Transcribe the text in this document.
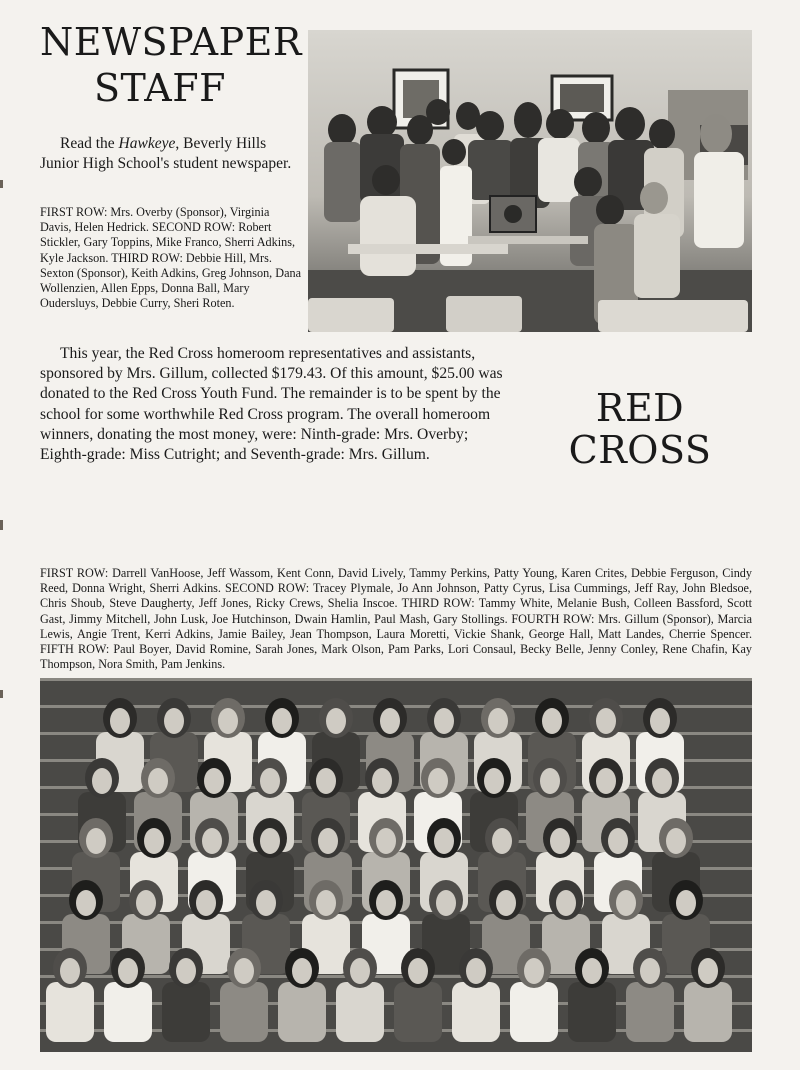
NEWSPAPER
STAFF
Read the Hawkeye, Beverly Hills Junior High School's student newspaper.
FIRST ROW: Mrs. Overby (Sponsor), Virginia Davis, Helen Hedrick. SECOND ROW: Robert Stickler, Gary Toppins, Mike Franco, Sherri Adkins, Kyle Jackson. THIRD ROW: Debbie Hill, Mrs. Sexton (Sponsor), Keith Adkins, Greg Johnson, Dana Wollenzien, Allen Epps, Donna Ball, Mary Oudersluys, Debbie Curry, Sheri Roten.
This year, the Red Cross homeroom representatives and assistants, sponsored by Mrs. Gillum, collected $179.43. Of this amount, $25.00 was donated to the Red Cross Youth Fund. The remainder is to be spent by the school for some worthwhile Red Cross program. The overall homeroom winners, donating the most money, were: Ninth-grade: Mrs. Overby; Eighth-grade: Miss Cutright; and Seventh-grade: Mrs. Gillum.
RED CROSS
FIRST ROW: Darrell VanHoose, Jeff Wassom, Kent Conn, David Lively, Tammy Perkins, Patty Young, Karen Crites, Debbie Ferguson, Cindy Reed, Donna Wright, Sherri Adkins. SECOND ROW: Tracey Plymale, Jo Ann Johnson, Patty Cyrus, Lisa Cummings, Jeff Ray, John Bledsoe, Chris Shoub, Steve Daugherty, Jeff Jones, Ricky Crews, Shelia Inscoe. THIRD ROW: Tammy White, Melanie Bush, Colleen Bassford, Scott Gast, Jimmy Mitchell, John Lusk, Joe Hutchinson, Dwain Hamlin, Paul Mash, Gary Stollings. FOURTH ROW: Mrs. Gillum (Sponsor), Marcia Lewis, Angie Trent, Kerri Adkins, Jamie Bailey, Jean Thompson, Laura Moretti, Vickie Shank, George Hall, Matt Landes, Cherrie Spencer. FIFTH ROW: Paul Boyer, David Romine, Sarah Jones, Mark Olson, Pam Parks, Lori Consaul, Becky Belle, Jenny Conley, Rene Chafin, Kay Thompson, Nora Smith, Pam Jenkins.
